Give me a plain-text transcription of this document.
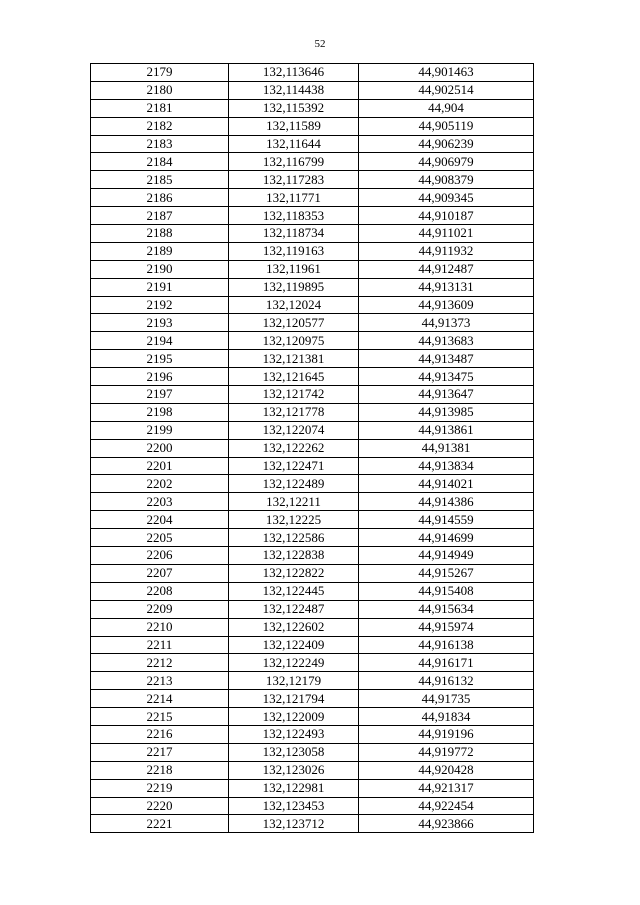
52
2179	132,113646	44,901463
2180	132,114438	44,902514
2181	132,115392	44,904
2182	132,11589	44,905119
2183	132,11644	44,906239
2184	132,116799	44,906979
2185	132,117283	44,908379
2186	132,11771	44,909345
2187	132,118353	44,910187
2188	132,118734	44,911021
2189	132,119163	44,911932
2190	132,11961	44,912487
2191	132,119895	44,913131
2192	132,12024	44,913609
2193	132,120577	44,91373
2194	132,120975	44,913683
2195	132,121381	44,913487
2196	132,121645	44,913475
2197	132,121742	44,913647
2198	132,121778	44,913985
2199	132,122074	44,913861
2200	132,122262	44,91381
2201	132,122471	44,913834
2202	132,122489	44,914021
2203	132,12211	44,914386
2204	132,12225	44,914559
2205	132,122586	44,914699
2206	132,122838	44,914949
2207	132,122822	44,915267
2208	132,122445	44,915408
2209	132,122487	44,915634
2210	132,122602	44,915974
2211	132,122409	44,916138
2212	132,122249	44,916171
2213	132,12179	44,916132
2214	132,121794	44,91735
2215	132,122009	44,91834
2216	132,122493	44,919196
2217	132,123058	44,919772
2218	132,123026	44,920428
2219	132,122981	44,921317
2220	132,123453	44,922454
2221	132,123712	44,923866
